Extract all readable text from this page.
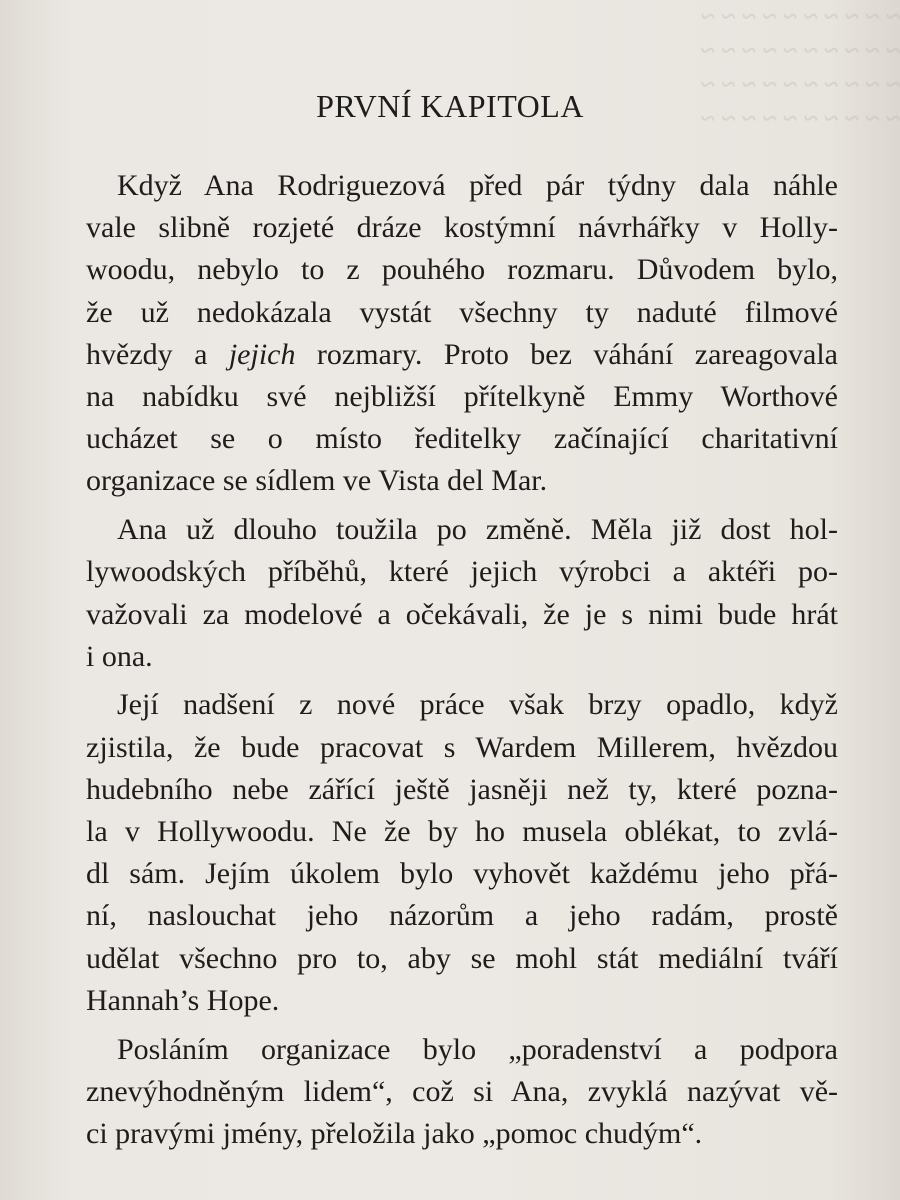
~ ~ ~ ~ ~ ~ ~ ~ ~ ~
~ ~ ~ ~ ~ ~ ~ ~ ~ ~
~ ~ ~ ~ ~ ~ ~ ~ ~ ~
~ ~ ~ ~ ~ ~ ~ ~ ~ ~
PRVNÍ KAPITOLA
Když Ana Rodriguezová před pár týdny dala náhle
vale slibně rozjeté dráze kostýmní návrhářky v Holly-
woodu, nebylo to z pouhého rozmaru. Důvodem bylo,
že už nedokázala vystát všechny ty naduté filmové
hvězdy a jejich rozmary. Proto bez váhání zareagovala
na nabídku své nejbližší přítelkyně Emmy Worthové
ucházet se o místo ředitelky začínající charitativní
organizace se sídlem ve Vista del Mar.
Ana už dlouho toužila po změně. Měla již dost hol-
lywoodských příběhů, které jejich výrobci a aktéři po-
važovali za modelové a očekávali, že je s nimi bude hrát
i ona.
Její nadšení z nové práce však brzy opadlo, když
zjistila, že bude pracovat s Wardem Millerem, hvězdou
hudebního nebe zářící ještě jasněji než ty, které pozna-
la v Hollywoodu. Ne že by ho musela oblékat, to zvlá-
dl sám. Jejím úkolem bylo vyhovět každému jeho přá-
ní, naslouchat jeho názorům a jeho radám, prostě
udělat všechno pro to, aby se mohl stát mediální tváří
Hannah’s Hope.
Posláním organizace bylo „poradenství a podpora
znevýhodněným lidem“, což si Ana, zvyklá nazývat vě-
ci pravými jmény, přeložila jako „pomoc chudým“.
